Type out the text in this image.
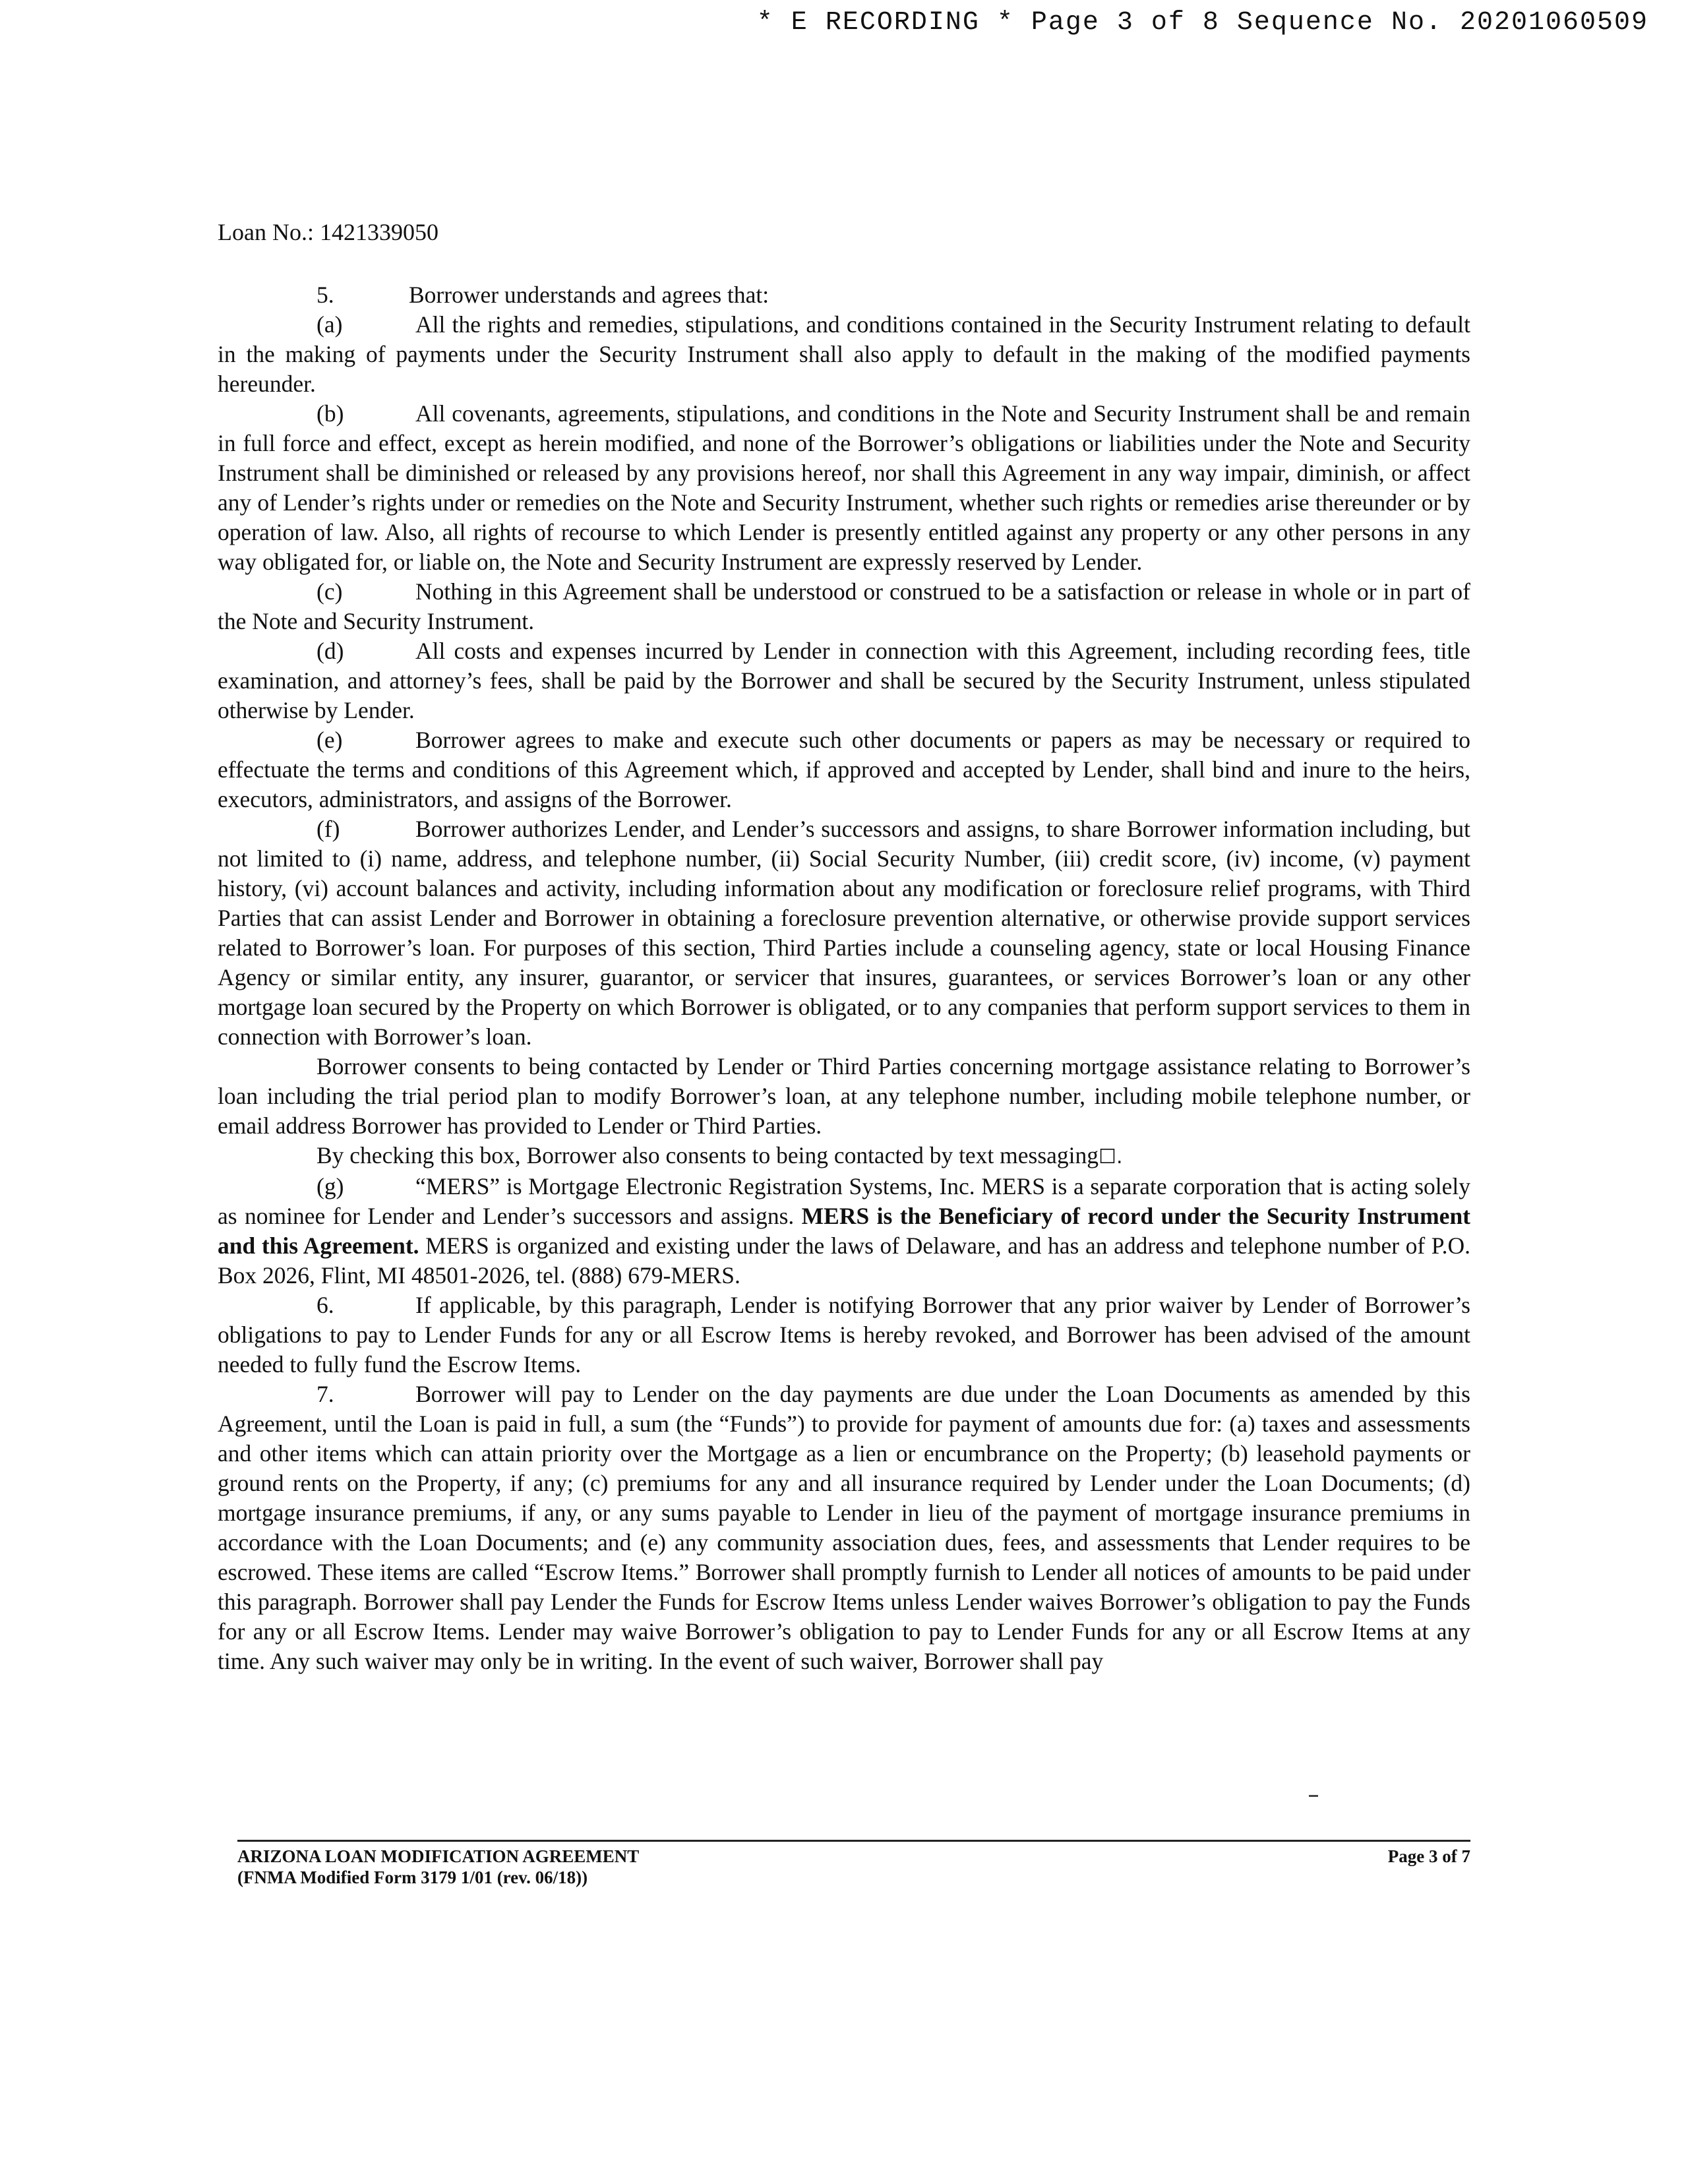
* E RECORDING * Page 3 of 8 Sequence No. 20201060509
Loan No.: 1421339050

5.	Borrower understands and agrees that:

(a)	All the rights and remedies, stipulations, and conditions contained in the Security Instrument relating to default in the making of payments under the Security Instrument shall also apply to default in the making of the modified payments hereunder.

(b)	All covenants, agreements, stipulations, and conditions in the Note and Security Instrument shall be and remain in full force and effect, except as herein modified, and none of the Borrower’s obligations or liabilities under the Note and Security Instrument shall be diminished or released by any provisions hereof, nor shall this Agreement in any way impair, diminish, or affect any of Lender’s rights under or remedies on the Note and Security Instrument, whether such rights or remedies arise thereunder or by operation of law. Also, all rights of recourse to which Lender is presently entitled against any property or any other persons in any way obligated for, or liable on, the Note and Security Instrument are expressly reserved by Lender.

(c)	Nothing in this Agreement shall be understood or construed to be a satisfaction or release in whole or in part of the Note and Security Instrument.

(d)	All costs and expenses incurred by Lender in connection with this Agreement, including recording fees, title examination, and attorney’s fees, shall be paid by the Borrower and shall be secured by the Security Instrument, unless stipulated otherwise by Lender.

(e)	Borrower agrees to make and execute such other documents or papers as may be necessary or required to effectuate the terms and conditions of this Agreement which, if approved and accepted by Lender, shall bind and inure to the heirs, executors, administrators, and assigns of the Borrower.

(f)	Borrower authorizes Lender, and Lender’s successors and assigns, to share Borrower information including, but not limited to (i) name, address, and telephone number, (ii) Social Security Number, (iii) credit score, (iv) income, (v) payment history, (vi) account balances and activity, including information about any modification or foreclosure relief programs, with Third Parties that can assist Lender and Borrower in obtaining a foreclosure prevention alternative, or otherwise provide support services related to Borrower’s loan. For purposes of this section, Third Parties include a counseling agency, state or local Housing Finance Agency or similar entity, any insurer, guarantor, or servicer that insures, guarantees, or services Borrower’s loan or any other mortgage loan secured by the Property on which Borrower is obligated, or to any companies that perform support services to them in connection with Borrower’s loan.

Borrower consents to being contacted by Lender or Third Parties concerning mortgage assistance relating to Borrower’s loan including the trial period plan to modify Borrower’s loan, at any telephone number, including mobile telephone number, or email address Borrower has provided to Lender or Third Parties.

By checking this box, Borrower also consents to being contacted by text messaging☐.

(g)	“MERS” is Mortgage Electronic Registration Systems, Inc. MERS is a separate corporation that is acting solely as nominee for Lender and Lender’s successors and assigns. MERS is the Beneficiary of record under the Security Instrument and this Agreement. MERS is organized and existing under the laws of Delaware, and has an address and telephone number of P.O. Box 2026, Flint, MI 48501-2026, tel. (888) 679-MERS.

6.	If applicable, by this paragraph, Lender is notifying Borrower that any prior waiver by Lender of Borrower’s obligations to pay to Lender Funds for any or all Escrow Items is hereby revoked, and Borrower has been advised of the amount needed to fully fund the Escrow Items.

7.	Borrower will pay to Lender on the day payments are due under the Loan Documents as amended by this Agreement, until the Loan is paid in full, a sum (the “Funds”) to provide for payment of amounts due for: (a) taxes and assessments and other items which can attain priority over the Mortgage as a lien or encumbrance on the Property; (b) leasehold payments or ground rents on the Property, if any; (c) premiums for any and all insurance required by Lender under the Loan Documents; (d) mortgage insurance premiums, if any, or any sums payable to Lender in lieu of the payment of mortgage insurance premiums in accordance with the Loan Documents; and (e) any community association dues, fees, and assessments that Lender requires to be escrowed. These items are called “Escrow Items.” Borrower shall promptly furnish to Lender all notices of amounts to be paid under this paragraph. Borrower shall pay Lender the Funds for Escrow Items unless Lender waives Borrower’s obligation to pay the Funds for any or all Escrow Items. Lender may waive Borrower’s obligation to pay to Lender Funds for any or all Escrow Items at any time. Any such waiver may only be in writing. In the event of such waiver, Borrower shall pay

ARIZONA LOAN MODIFICATION AGREEMENT
(FNMA Modified Form 3179 1/01 (rev. 06/18))
Page 3 of 7
